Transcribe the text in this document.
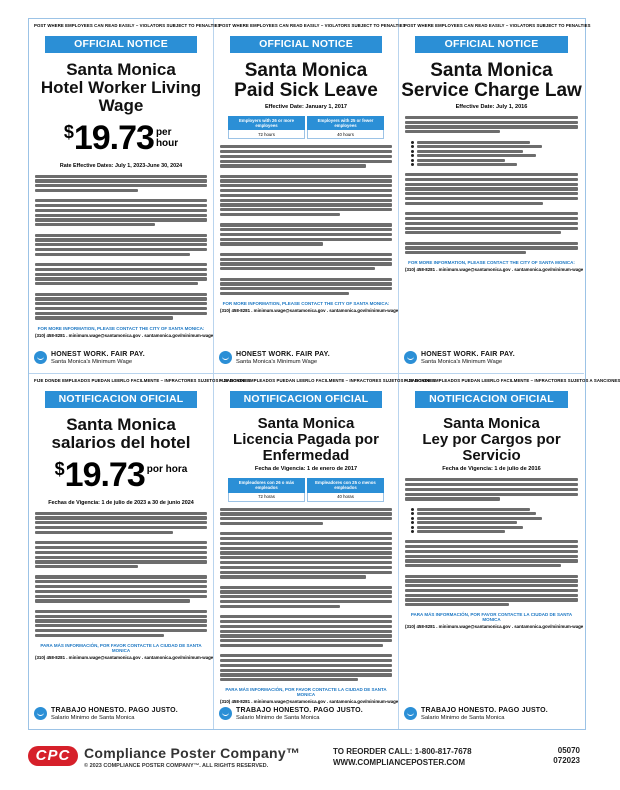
POST WHERE EMPLOYEES CAN READ EASILY – VIOLATORS SUBJECT TO PENALTIES
OFFICIAL NOTICE
Santa Monica
Hotel Worker Living Wage
$19.73 per
hour
Rate Effective Dates: July 1, 2023-June 30, 2024
FOR MORE INFORMATION, PLEASE CONTACT THE CITY OF SANTA MONICA:
(310) 458-8281 . minimum.wage@santamonica.gov . santamonica.gov/minimum-wage
HONEST WORK. FAIR PAY.
Santa Monica's Minimum Wage
POST WHERE EMPLOYEES CAN READ EASILY – VIOLATORS SUBJECT TO PENALTIES
OFFICIAL NOTICE
Santa Monica
Paid Sick Leave
Effective Date: January 1, 2017
Employers with 26 or more employees
72 hours
Employers with 25 or fewer employees
40 hours
FOR MORE INFORMATION, PLEASE CONTACT THE CITY OF SANTA MONICA:
(310) 458-8281 . minimum.wage@santamonica.gov . santamonica.gov/minimum-wage
HONEST WORK. FAIR PAY.
Santa Monica's Minimum Wage
POST WHERE EMPLOYEES CAN READ EASILY – VIOLATORS SUBJECT TO PENALTIES
OFFICIAL NOTICE
Santa Monica
Service Charge Law
Effective Date: July 1, 2016
FOR MORE INFORMATION, PLEASE CONTACT THE CITY OF SANTA MONICA:
(310) 458-8281 . minimum.wage@santamonica.gov . santamonica.gov/minimum-wage
HONEST WORK. FAIR PAY.
Santa Monica's Minimum Wage
FIJE DONDE EMPLEADOS PUEDAN LEERLO FACILMENTE – INFRACTORES SUJETOS A SANCIONES
NOTIFICACION OFICIAL
Santa Monica
salarios del hotel
$19.73 por hora
Fechas de Vigencia: 1 de julio de 2023 a 30 de junio 2024
PARA MÁS INFORMACIÓN, POR FAVOR CONTACTE LA CIUDAD DE SANTA MONICA
(310) 458-8281 . minimum.wage@santamonica.gov . santamonica.gov/minimum-wage
TRABAJO HONESTO. PAGO JUSTO.
Salario Minimo de Santa Monica
FIJE DONDE EMPLEADOS PUEDAN LEERLO FACILMENTE – INFRACTORES SUJETOS A SANCIONES
NOTIFICACION OFICIAL
Santa Monica
Licencia Pagada por Enfermedad
Fecha de Vigencia: 1 de enero de 2017
Empleadores con 26 o más empleados
72 horas
Empleadores con 25 o menos empleados
40 horas
PARA MÁS INFORMACIÓN, POR FAVOR CONTACTE LA CIUDAD DE SANTA MONICA
(310) 458-8281 . minimum.wage@santamonica.gov . santamonica.gov/minimum-wage
TRABAJO HONESTO. PAGO JUSTO.
Salario Minimo de Santa Monica
FIJE DONDE EMPLEADOS PUEDAN LEERLO FACILMENTE – INFRACTORES SUJETOS A SANCIONES
NOTIFICACION OFICIAL
Santa Monica
Ley por Cargos por Servicio
Fecha de Vigencia: 1 de julio de 2016
PARA MÁS INFORMACIÓN, POR FAVOR CONTACTE LA CIUDAD DE SANTA MONICA
(310) 458-8281 . minimum.wage@santamonica.gov . santamonica.gov/minimum-wage
TRABAJO HONESTO. PAGO JUSTO.
Salario Minimo de Santa Monica
CPC Compliance Poster Company™
© 2023 COMPLIANCE POSTER COMPANY™. ALL RIGHTS RESERVED.
TO REORDER CALL: 1-800-817-7678
WWW.COMPLIANCEPOSTER.COM
05070
072023
